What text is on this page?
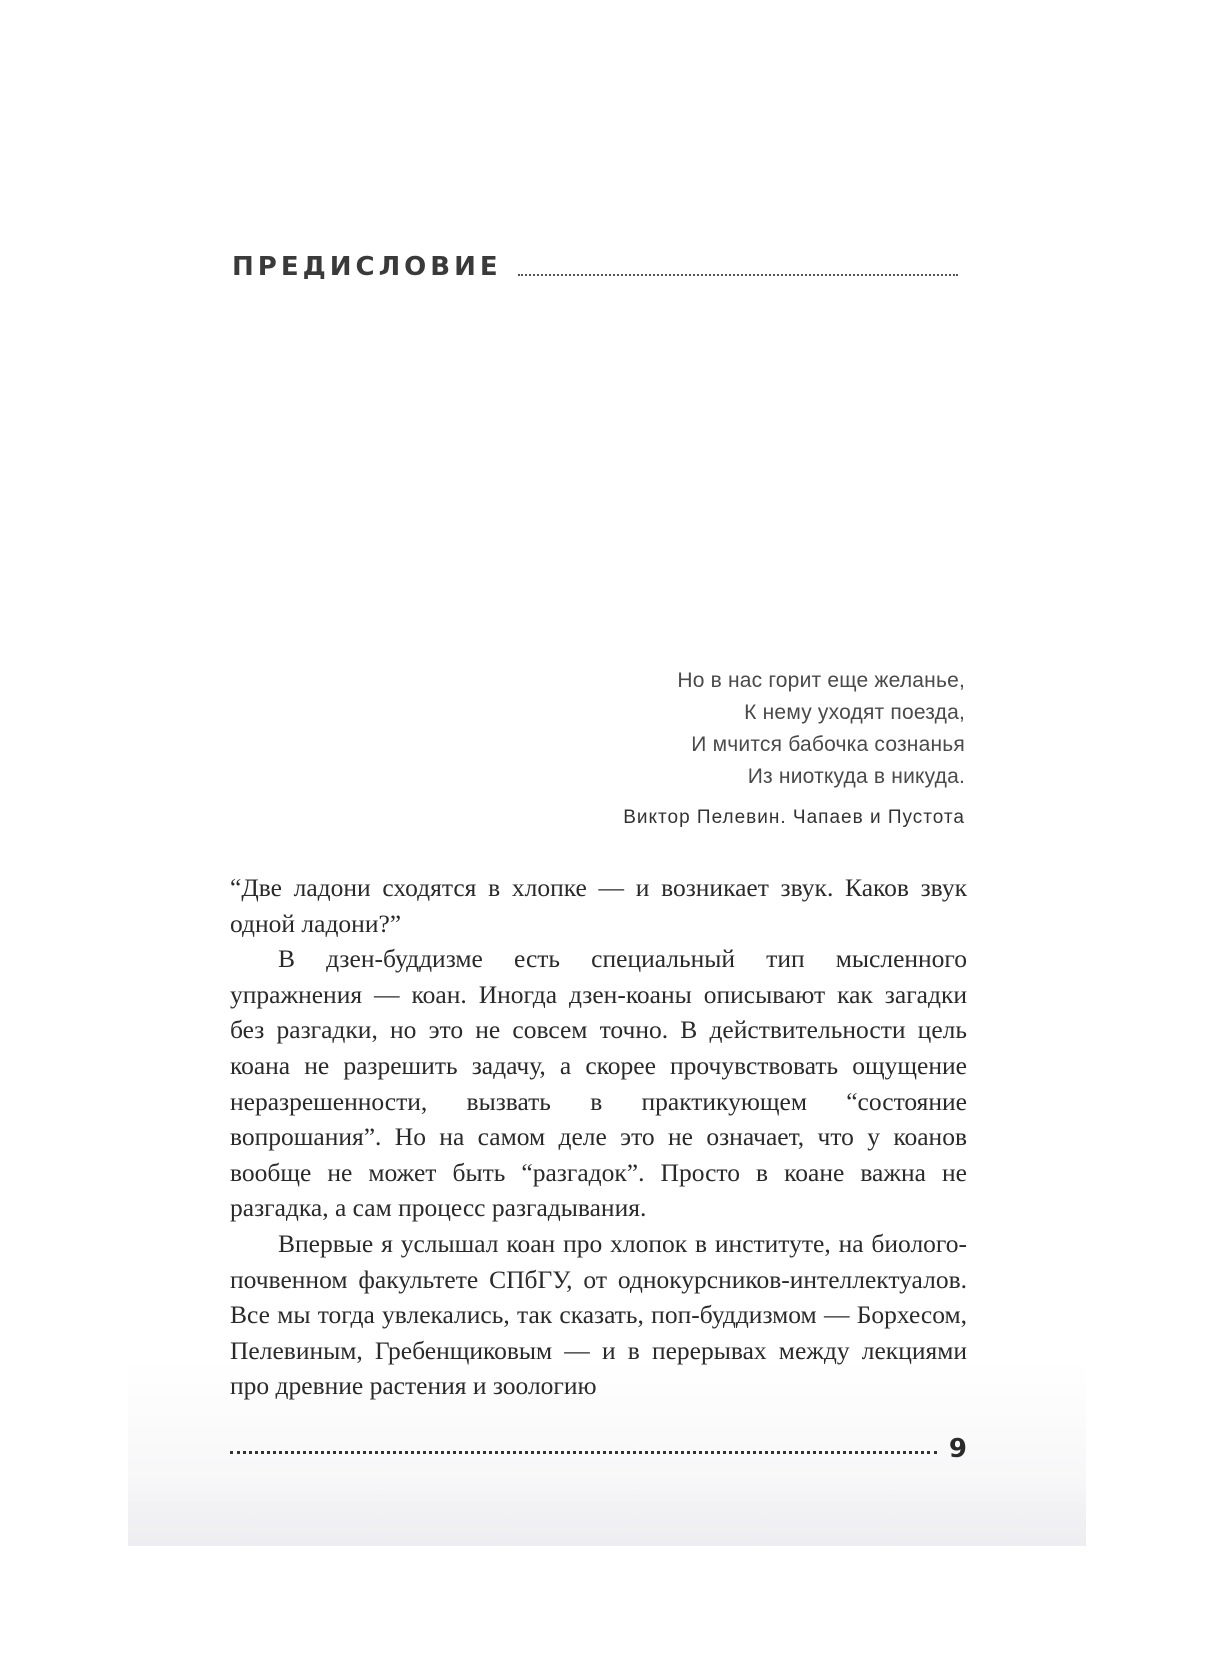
ПРЕДИСЛОВИЕ
Но в нас горит еще желанье,
К нему уходят поезда,
И мчится бабочка сознанья
Из ниоткуда в никуда.
Виктор Пелевин. Чапаев и Пустота

“Две ладони сходятся в хлопке — и возникает звук. Каков звук одной ладони?”

В дзен-буддизме есть специальный тип мысленного упражнения — коан. Иногда дзен-коаны описывают как загадки без разгадки, но это не совсем точно. В действительности цель коана не разрешить задачу, а скорее прочувствовать ощущение неразрешенности, вызвать в практикующем “состояние вопрошания”. Но на самом деле это не означает, что у коанов вообще не может быть “разгадок”. Просто в коане важна не разгадка, а сам процесс разгадывания.

Впервые я услышал коан про хлопок в институте, на биолого-почвенном факультете СПбГУ, от однокурсников-интеллектуалов. Все мы тогда увлекались, так сказать, поп-буддизмом — Борхесом, Пелевиным, Гребенщиковым — и в перерывах между лекциями про древние растения и зоологию

9
